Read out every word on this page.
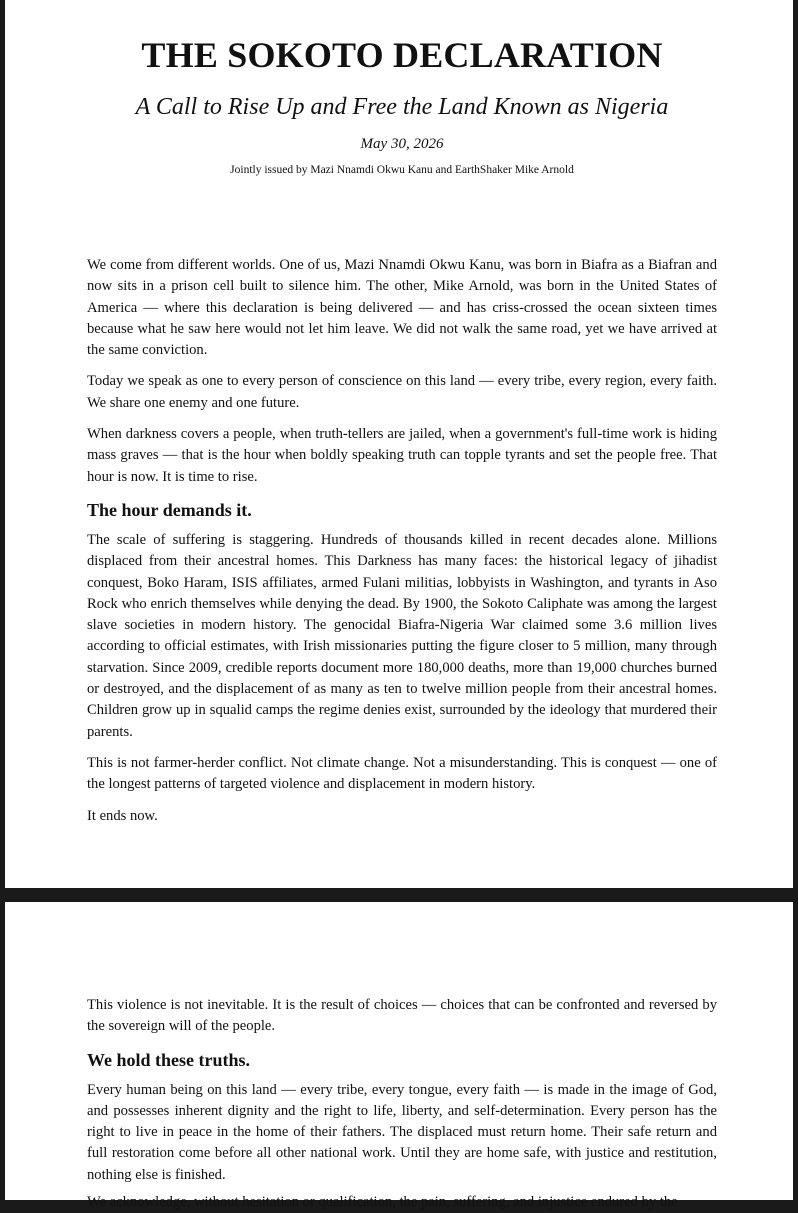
THE SOKOTO DECLARATION

A Call to Rise Up and Free the Land Known as Nigeria

May 30, 2026

Jointly issued by Mazi Nnamdi Okwu Kanu and EarthShaker Mike Arnold

We come from different worlds. One of us, Mazi Nnamdi Okwu Kanu, was born in Biafra as a Biafran and now sits in a prison cell built to silence him. The other, Mike Arnold, was born in the United States of America — where this declaration is being delivered — and has criss-crossed the ocean sixteen times because what he saw here would not let him leave. We did not walk the same road, yet we have arrived at the same conviction.

Today we speak as one to every person of conscience on this land — every tribe, every region, every faith. We share one enemy and one future.

When darkness covers a people, when truth-tellers are jailed, when a government's full-time work is hiding mass graves — that is the hour when boldly speaking truth can topple tyrants and set the people free. That hour is now. It is time to rise.

The hour demands it.

The scale of suffering is staggering. Hundreds of thousands killed in recent decades alone. Millions displaced from their ancestral homes. This Darkness has many faces: the historical legacy of jihadist conquest, Boko Haram, ISIS affiliates, armed Fulani militias, lobbyists in Washington, and tyrants in Aso Rock who enrich themselves while denying the dead. By 1900, the Sokoto Caliphate was among the largest slave societies in modern history. The genocidal Biafra-Nigeria War claimed some 3.6 million lives according to official estimates, with Irish missionaries putting the figure closer to 5 million, many through starvation. Since 2009, credible reports document more 180,000 deaths, more than 19,000 churches burned or destroyed, and the displacement of as many as ten to twelve million people from their ancestral homes. Children grow up in squalid camps the regime denies exist, surrounded by the ideology that murdered their parents.

This is not farmer-herder conflict. Not climate change. Not a misunderstanding. This is conquest — one of the longest patterns of targeted violence and displacement in modern history.

It ends now.

This violence is not inevitable. It is the result of choices — choices that can be confronted and reversed by the sovereign will of the people.

We hold these truths.

Every human being on this land — every tribe, every tongue, every faith — is made in the image of God, and possesses inherent dignity and the right to life, liberty, and self-determination. Every person has the right to live in peace in the home of their fathers. The displaced must return home. Their safe return and full restoration come before all other national work. Until they are home safe, with justice and restitution, nothing else is finished.

We acknowledge, without hesitation or qualification, the pain, suffering, and injustice endured by the
